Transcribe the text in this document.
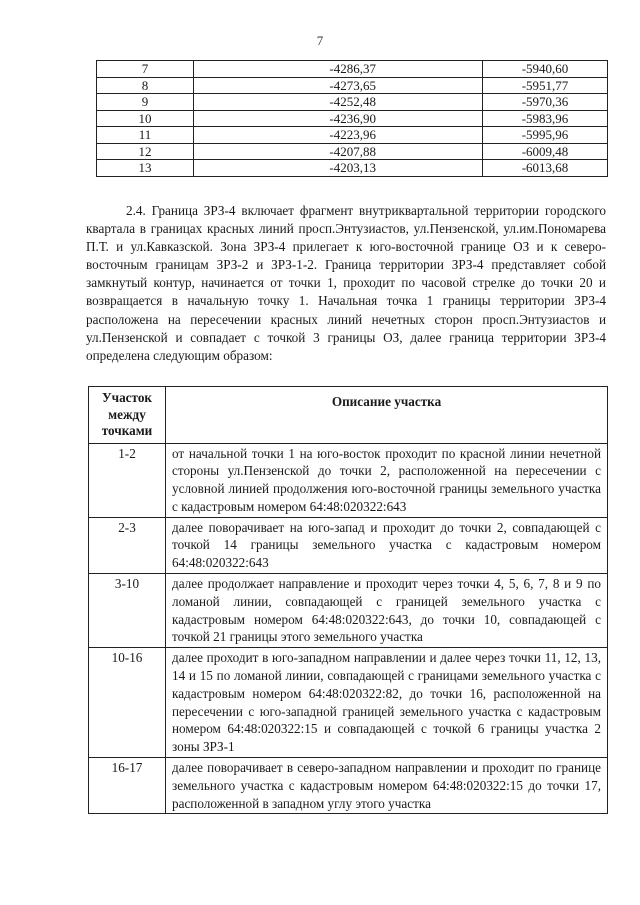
7
7	-4286,37	-5940,60
8	-4273,65	-5951,77
9	-4252,48	-5970,36
10	-4236,90	-5983,96
11	-4223,96	-5995,96
12	-4207,88	-6009,48
13	-4203,13	-6013,68

2.4. Граница ЗРЗ-4 включает фрагмент внутриквартальной территории городского квартала в границах красных линий просп.Энтузиастов, ул.Пензенской, ул.им.Пономарева П.Т. и ул.Кавказской. Зона ЗРЗ-4 прилегает к юго-восточной границе ОЗ и к северо-восточным границам ЗРЗ-2 и ЗРЗ-1-2. Граница территории ЗРЗ-4 представляет собой замкнутый контур, начинается от точки 1, проходит по часовой стрелке до точки 20 и возвращается в начальную точку 1. Начальная точка 1 границы территории ЗРЗ-4 расположена на пересечении красных линий нечетных сторон просп.Энтузиастов и ул.Пензенской и совпадает с точкой 3 границы ОЗ, далее граница территории ЗРЗ-4 определена следующим образом:

Участок между точками	Описание участка
1-2	от начальной точки 1 на юго-восток проходит по красной линии нечетной стороны ул.Пензенской до точки 2, расположенной на пересечении с условной линией продолжения юго-восточной границы земельного участка с кадастровым номером 64:48:020322:643
2-3	далее поворачивает на юго-запад и проходит до точки 2, совпадающей с точкой 14 границы земельного участка с кадастровым номером 64:48:020322:643
3-10	далее продолжает направление и проходит через точки 4, 5, 6, 7, 8 и 9 по ломаной линии, совпадающей с границей земельного участка с кадастровым номером 64:48:020322:643, до точки 10, совпадающей с точкой 21 границы этого земельного участка
10-16	далее проходит в юго-западном направлении и далее через точки 11, 12, 13, 14 и 15 по ломаной линии, совпадающей с границами земельного участка с кадастровым номером 64:48:020322:82, до точки 16, расположенной на пересечении с юго-западной границей земельного участка с кадастровым номером 64:48:020322:15 и совпадающей с точкой 6 границы участка 2 зоны ЗРЗ-1
16-17	далее поворачивает в северо-западном направлении и проходит по границе земельного участка с кадастровым номером 64:48:020322:15 до точки 17, расположенной в западном углу этого участка
